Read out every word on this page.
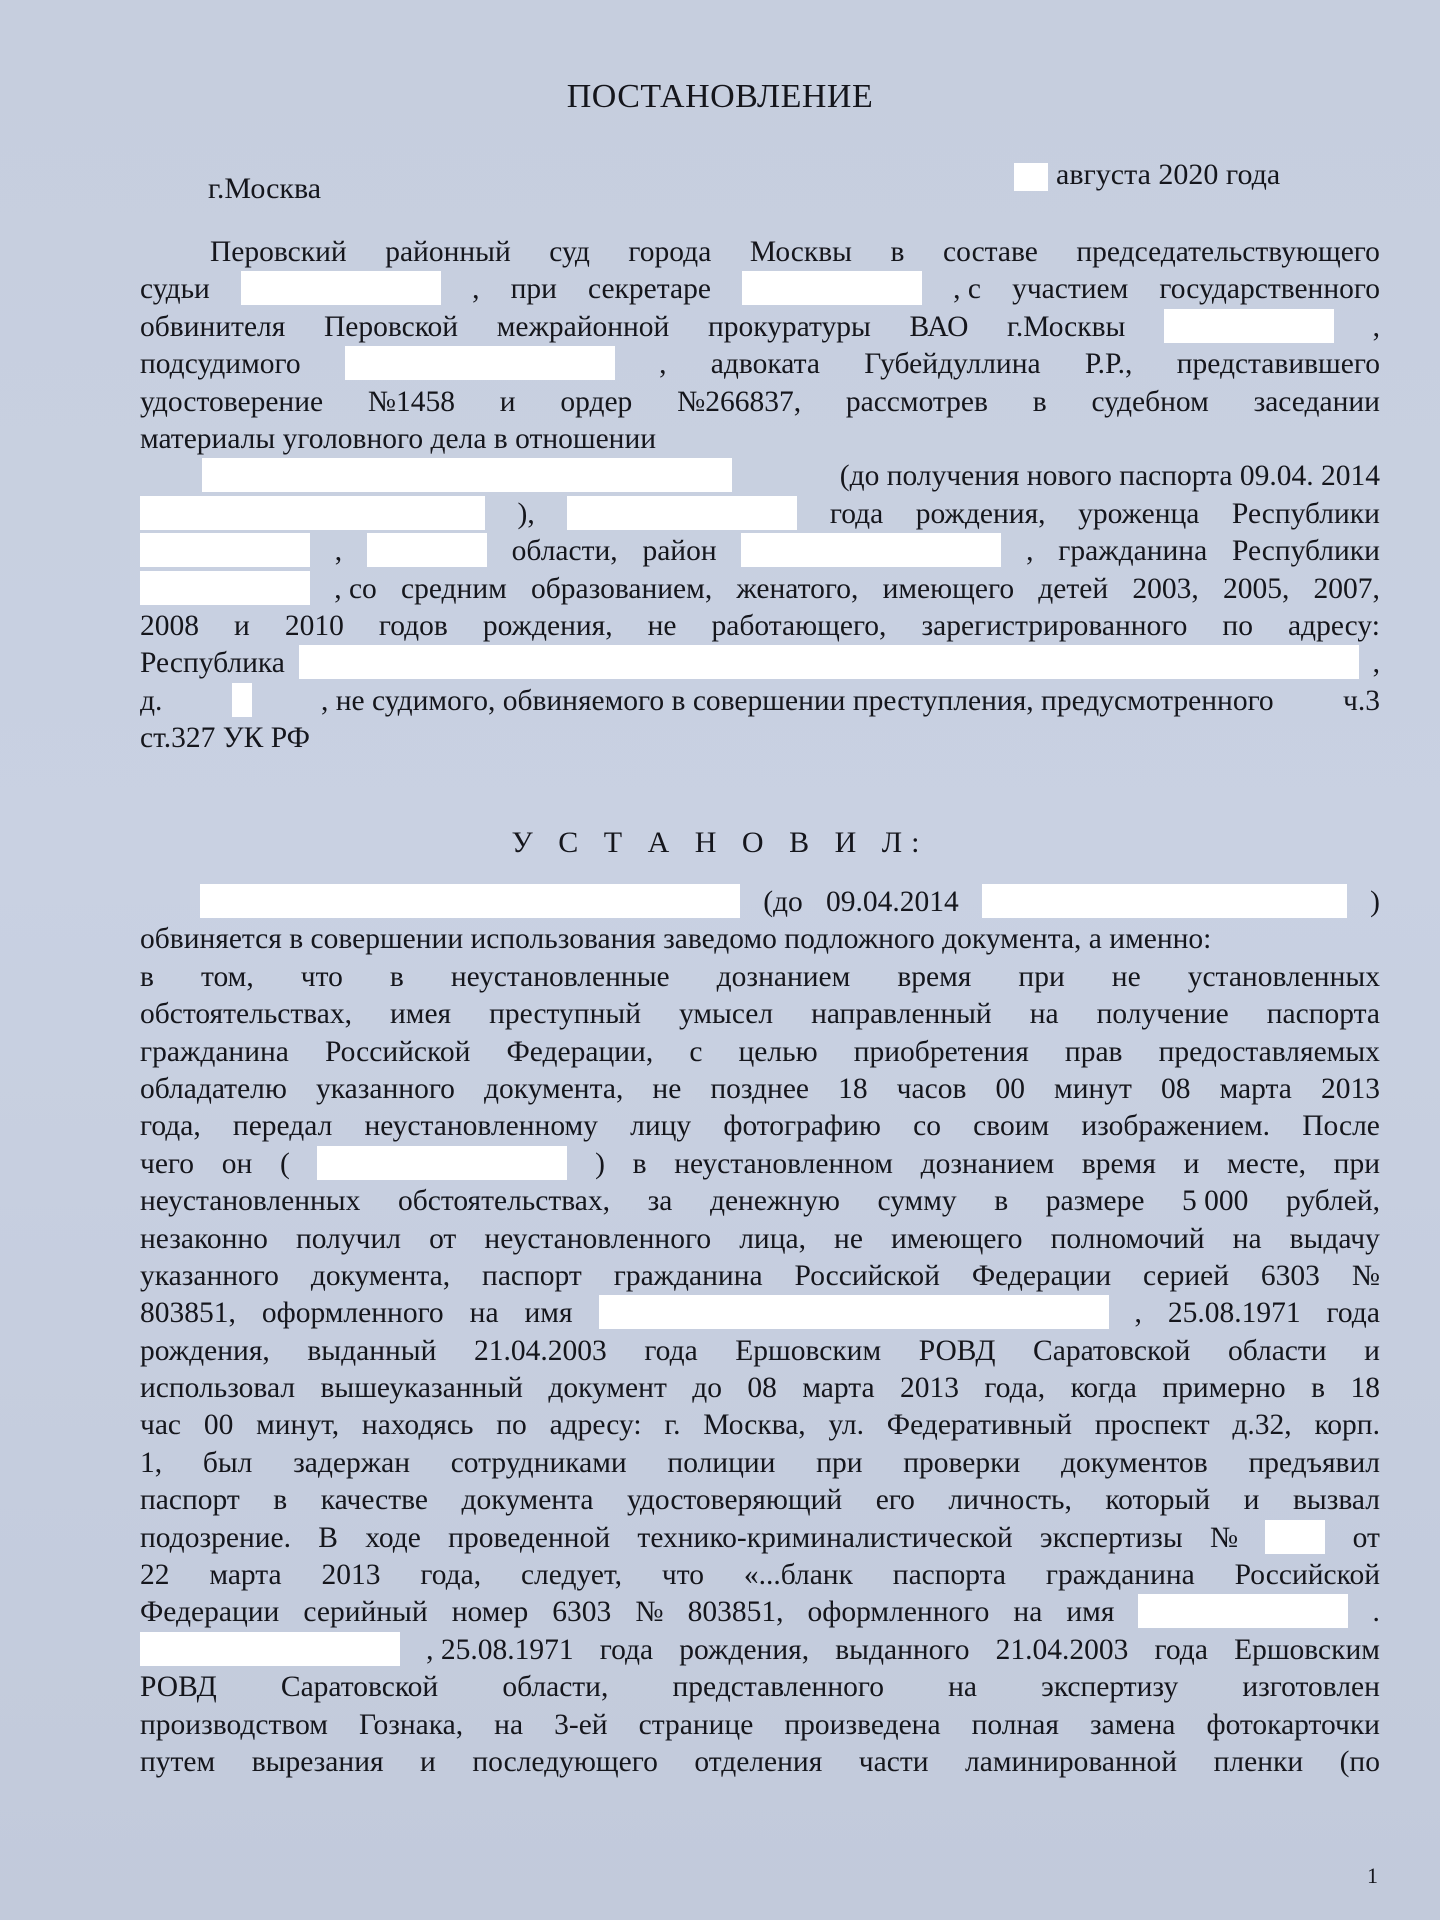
ПОСТАНОВЛЕНИЕ
г.Москва	августа 2020 года
Перовский районный суд города Москвы в составе председательствующего
судьи	, при секретаре	, с участием государственного
обвинителя Перовской межрайонной прокуратуры ВАО г.Москвы	,
подсудимого	, адвоката Губейдуллина Р.Р., представившего
удостоверение №1458 и ордер №266837, рассмотрев в судебном заседании
материалы уголовного дела в отношении
(до получения нового паспорта 09.04. 2014
),	года рождения, уроженца Республики
,	области, район	, гражданина Республики
, со средним образованием, женатого, имеющего детей 2003, 2005, 2007,
2008 и 2010 годов рождения, не работающего, зарегистрированного по адресу:
Республика	,
д.	, не судимого, обвиняемого в совершении преступления, предусмотренного ч.3
ст.327 УК РФ
У С Т А Н О В И Л:
(до 09.04.2014	)
обвиняется в совершении использования заведомо подложного документа, а именно:
в том, что в неустановленные дознанием время при не установленных
обстоятельствах, имея преступный умысел направленный на получение паспорта
гражданина Российской Федерации, с целью приобретения прав предоставляемых
обладателю указанного документа, не позднее 18 часов 00 минут 08 марта 2013
года, передал неустановленному лицу фотографию со своим изображением. После
чего он (	) в неустановленном дознанием время и месте, при
неустановленных обстоятельствах, за денежную сумму в размере 5 000 рублей,
незаконно получил от неустановленного лица, не имеющего полномочий на выдачу
указанного документа, паспорт гражданина Российской Федерации серией 6303 №
803851, оформленного на имя	, 25.08.1971 года
рождения, выданный 21.04.2003 года Ершовским РОВД Саратовской области и
использовал вышеуказанный документ до 08 марта 2013 года, когда примерно в 18
час 00 минут, находясь по адресу: г. Москва, ул. Федеративный проспект д.32, корп.
1, был задержан сотрудниками полиции при проверки документов предъявил
паспорт в качестве документа удостоверяющий его личность, который и вызвал
подозрение. В ходе проведенной технико-криминалистической экспертизы №	от
22 марта 2013 года, следует, что «...бланк паспорта гражданина Российской
Федерации серийный номер 6303 № 803851, оформленного на имя	.
, 25.08.1971 года рождения, выданного 21.04.2003 года Ершовским
РОВД Саратовской области, представленного на экспертизу изготовлен
производством Гознака, на 3-ей странице произведена полная замена фотокарточки
путем вырезания и последующего отделения части ламинированной пленки (по
1
